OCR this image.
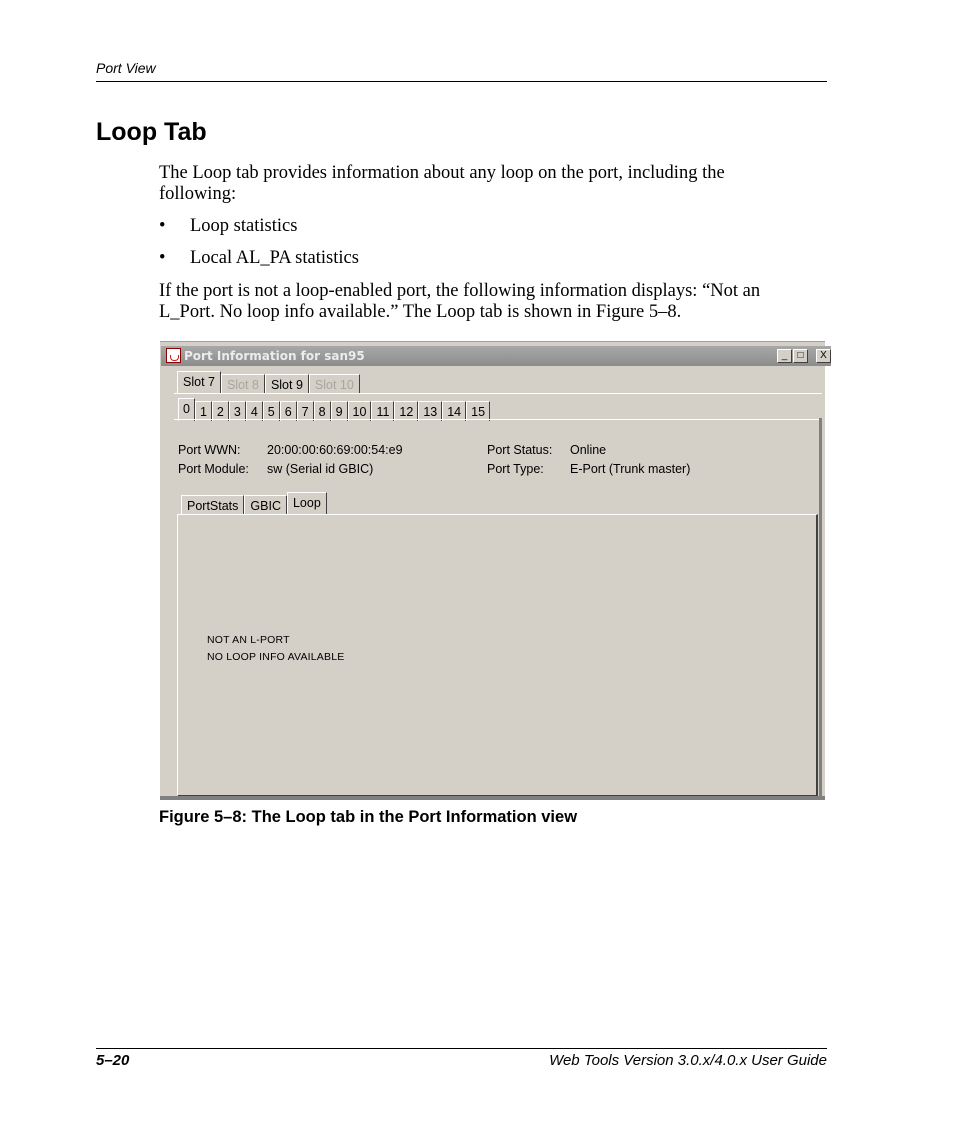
Port View
Loop Tab
The Loop tab provides information about any loop on the port, including the
following:
• Loop statistics
• Local AL_PA statistics
If the port is not a loop-enabled port, the following information displays: “Not an
L_Port. No loop info available.” The Loop tab is shown in Figure 5–8.
Port Information for san95	_	□	X
Slot 7 Slot 8 Slot 9 Slot 10
0 1 2 3 4 5 6 7 8 9 10 11 12 13 14 15
Port WWN: 20:00:00:60:69:00:54:e9
Port Module: sw (Serial id GBIC)
Port Status: Online
Port Type: E-Port (Trunk master)
PortStats GBIC Loop
NOT AN L-PORT
NO LOOP INFO AVAILABLE
Figure 5–8: The Loop tab in the Port Information view
5–20	Web Tools Version 3.0.x/4.0.x User Guide
